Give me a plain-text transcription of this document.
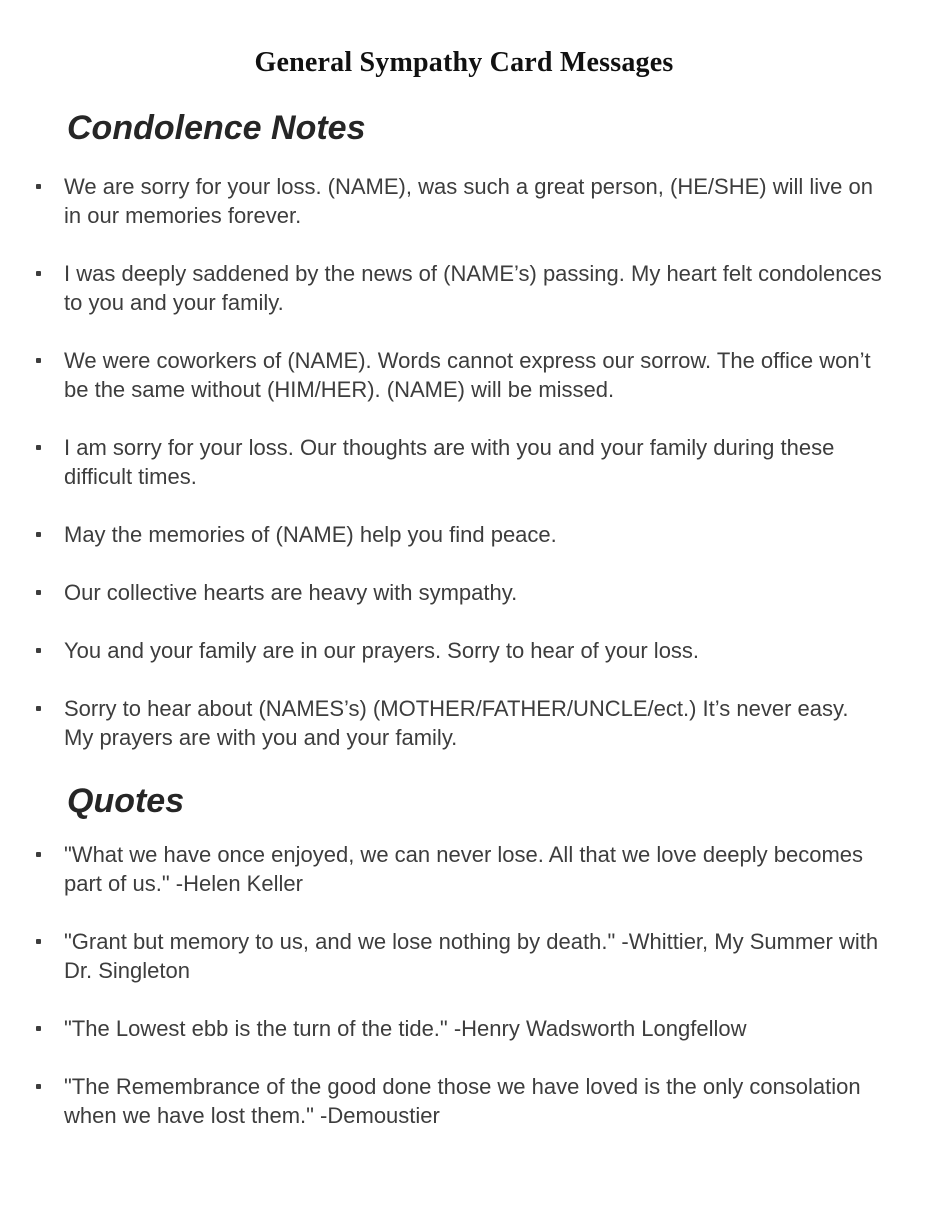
General Sympathy Card Messages
Condolence Notes
We are sorry for your loss. (NAME), was such a great person, (HE/SHE) will live on in our memories forever.
I was deeply saddened by the news of (NAME’s) passing. My heart felt condolences to you and your family.
We were coworkers of (NAME). Words cannot express our sorrow. The office won’t be the same without (HIM/HER). (NAME) will be missed.
I am sorry for your loss. Our thoughts are with you and your family during these difficult times.
May the memories of (NAME) help you find peace.
Our collective hearts are heavy with sympathy.
You and your family are in our prayers. Sorry to hear of your loss.
Sorry to hear about (NAMES’s) (MOTHER/FATHER/UNCLE/ect.) It’s never easy. My prayers are with you and your family.
Quotes
"What we have once enjoyed, we can never lose. All that we love deeply becomes part of us." -Helen Keller
"Grant but memory to us, and we lose nothing by death." -Whittier, My Summer with Dr. Singleton
"The Lowest ebb is the turn of the tide." -Henry Wadsworth Longfellow
"The Remembrance of the good done those we have loved is the only consolation when we have lost them." -Demoustier
